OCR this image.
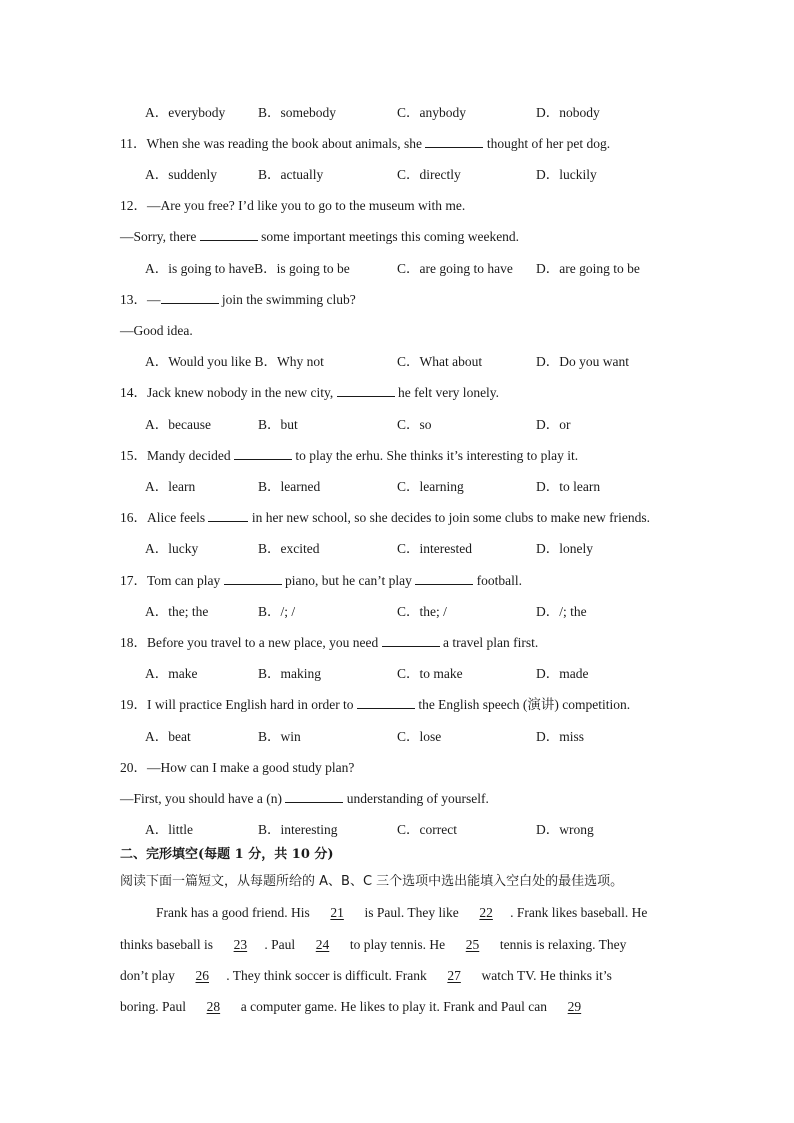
A．everybody B．somebody	C．anybody	D．nobody
11．When she was reading the book about animals, she	thought of her pet dog.
A．suddenly	B．actually	C．directly	D．luckily
12．—Are you free? I’d like you to go to the museum with me.
—Sorry, there	some important meetings this coming weekend.
A．is going to haveB．is going to be	C．are going to have D．are going to be
13．—	join the swimming club?
—Good idea.
A．Would you like B．Why not	C．What about	D．Do you want
14．Jack knew nobody in the new city,	he felt very lonely.
A．because	B．but	C．so	D．or
15．Mandy decided	to play the erhu. She thinks it’s interesting to play it.
A．learn	B．learned	C．learning	D．to learn
16．Alice feels	in her new school, so she decides to join some clubs to make new friends.
A．lucky	B．excited	C．interested	D．lonely
17．Tom can play	piano, but he can’t play	football.
A．the; the	B．/; /	C．the; /	D．/; the
18．Before you travel to a new place, you need	a travel plan first.
A．make	B．making	C．to make	D．made
19．I will practice English hard in order to	the English speech (演讲) competition.
A．beat	B．win	C．lose	D．miss
20．—How can I make a good study plan?
—First, you should have a (n)	understanding of yourself.
A．little	B．interesting	C．correct	D．wrong
二、完形填空(每题 1 分，共 10 分)
阅读下面一篇短文，从每题所给的 A、B、C 三个选项中选出能填入空白处的最佳选项。
Frank has a good friend. His 21 is Paul. They like 22 . Frank likes baseball. He
thinks baseball is 23 . Paul 24 to play tennis. He 25 tennis is relaxing. They
don’t play 26 . They think soccer is difficult. Frank 27 watch TV. He thinks it’s
boring. Paul 28 a computer game. He likes to play it. Frank and Paul can 29
